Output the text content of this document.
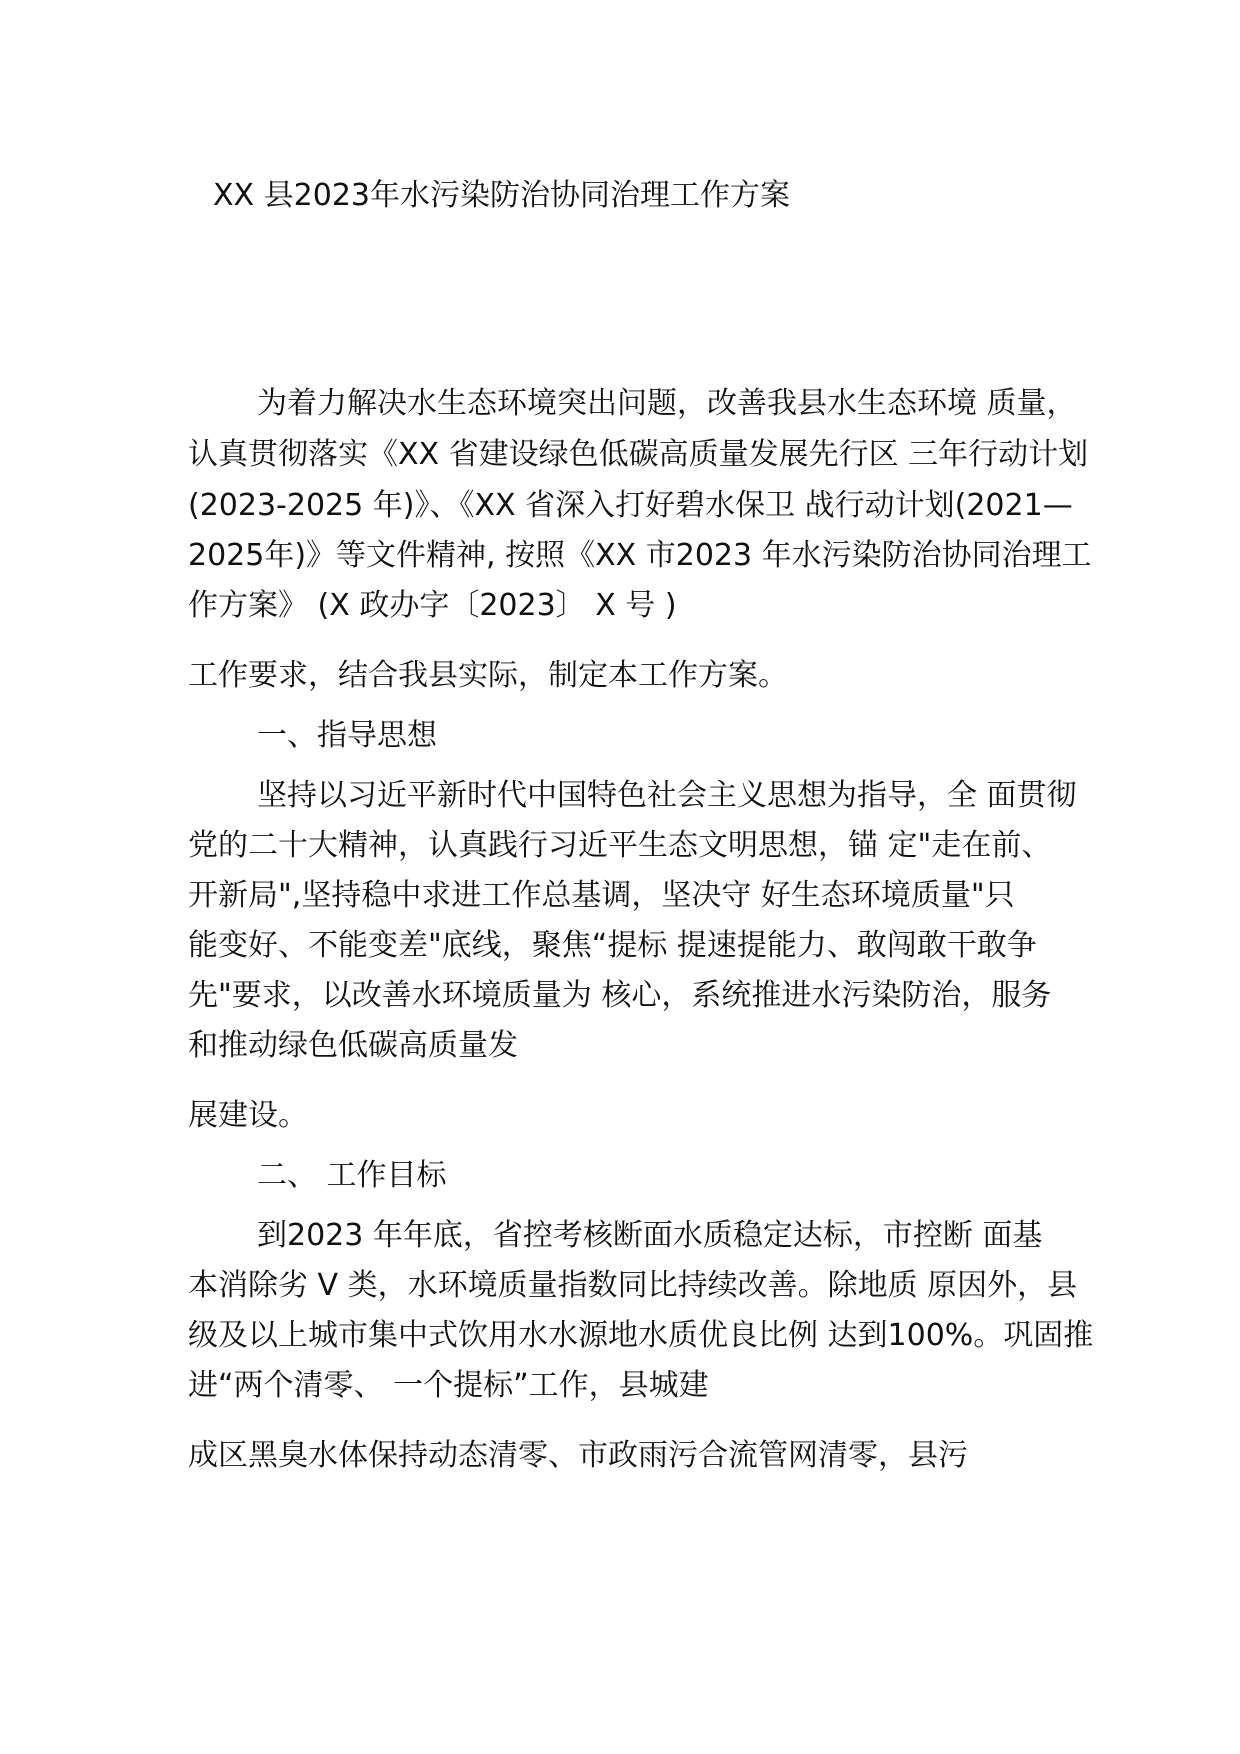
XX 县2023年水污染防治协同治理工作方案
为着力解决水生态环境突出问题，改善我县水生态环境 质量，
认真贯彻落实《XX 省建设绿色低碳高质量发展先行区 三年行动计划
(2023-2025 年)》、《XX 省深入打好碧水保卫 战行动计划(2021—
2025年)》等文件精神, 按照《XX 市2023 年水污染防治协同治理工
作方案》 (X 政办字〔2023〕 X 号 )
工作要求，结合我县实际，制定本工作方案。
一、指导思想
坚持以习近平新时代中国特色社会主义思想为指导，全 面贯彻
党的二十大精神，认真践行习近平生态文明思想，锚 定"走在前、
开新局",坚持稳中求进工作总基调，坚决守 好生态环境质量"只
能变好、不能变差"底线，聚焦“提标 提速提能力、敢闯敢干敢争
先"要求，以改善水环境质量为 核心，系统推进水污染防治，服务
和推动绿色低碳高质量发
展建设。
二、 工作目标
到2023 年年底，省控考核断面水质稳定达标，市控断 面基
本消除劣 V 类，水环境质量指数同比持续改善。除地质 原因外，县
级及以上城市集中式饮用水水源地水质优良比例 达到100%。巩固推
进“两个清零、 一个提标”工作，县城建
成区黑臭水体保持动态清零、市政雨污合流管网清零，县污
